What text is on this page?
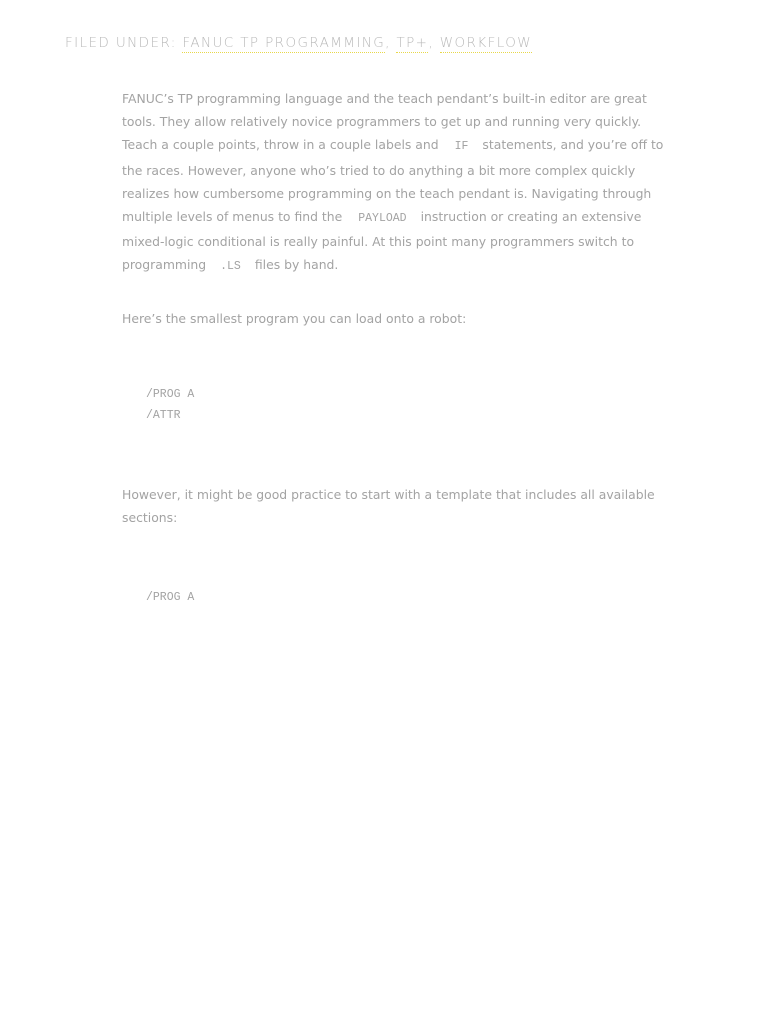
FILED UNDER: FANUC TP PROGRAMMING, TP+, WORKFLOW

FANUC’s TP programming language and the teach pendant’s built-in editor are great tools. They allow relatively novice programmers to get up and running very quickly. Teach a couple points, throw in a couple labels and IF statements, and you’re off to the races. However, anyone who’s tried to do anything a bit more complex quickly realizes how cumbersome programming on the teach pendant is. Navigating through multiple levels of menus to find the PAYLOAD instruction or creating an extensive mixed-logic conditional is really painful. At this point many programmers switch to programming .LS files by hand.

Here’s the smallest program you can load onto a robot:

/PROG A
/ATTR

However, it might be good practice to start with a template that includes all available sections:

/PROG A
